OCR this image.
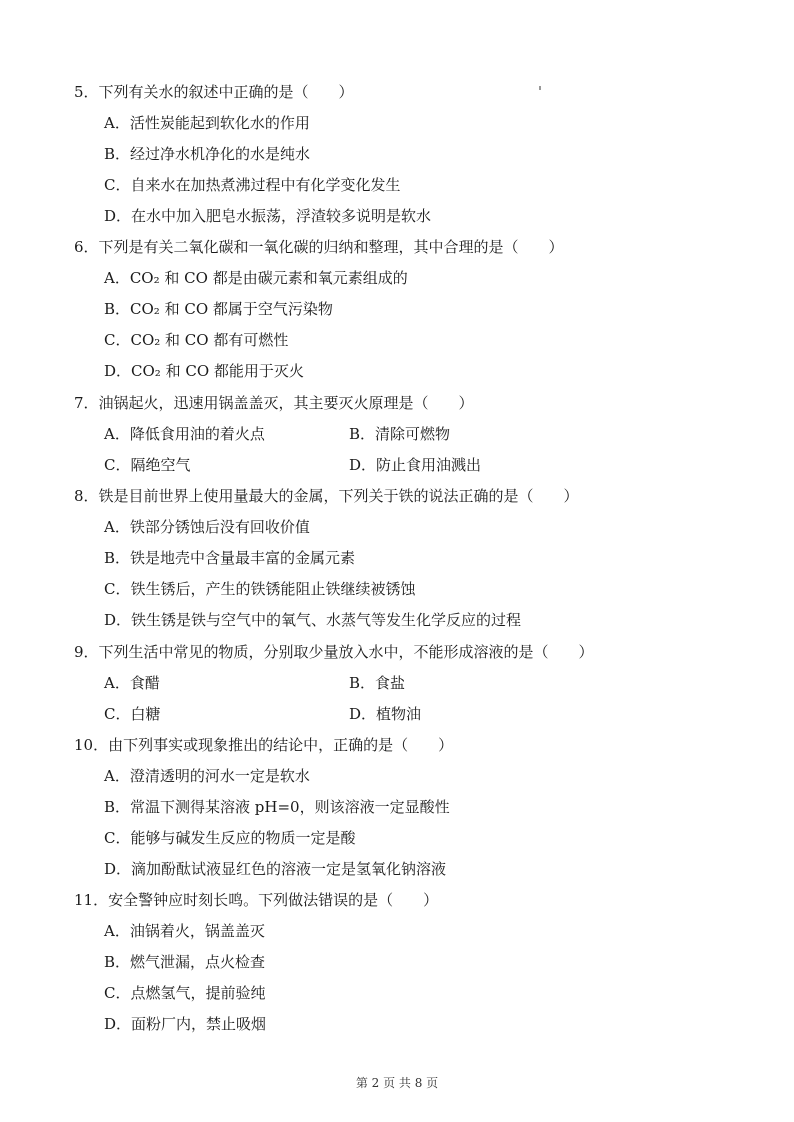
5．下列有关水的叙述中正确的是（　　）
A．活性炭能起到软化水的作用
B．经过净水机净化的水是纯水
C．自来水在加热煮沸过程中有化学变化发生
D．在水中加入肥皂水振荡，浮渣较多说明是软水
6．下列是有关二氧化碳和一氧化碳的归纳和整理，其中合理的是（　　）
A．CO₂ 和 CO 都是由碳元素和氧元素组成的
B．CO₂ 和 CO 都属于空气污染物
C．CO₂ 和 CO 都有可燃性
D．CO₂ 和 CO 都能用于灭火
7．油锅起火，迅速用锅盖盖灭，其主要灭火原理是（　　）
A．降低食用油的着火点	B．清除可燃物
C．隔绝空气	D．防止食用油溅出
8．铁是目前世界上使用量最大的金属，下列关于铁的说法正确的是（　　）
A．铁部分锈蚀后没有回收价值
B．铁是地壳中含量最丰富的金属元素
C．铁生锈后，产生的铁锈能阻止铁继续被锈蚀
D．铁生锈是铁与空气中的氧气、水蒸气等发生化学反应的过程
9．下列生活中常见的物质，分别取少量放入水中，不能形成溶液的是（　　）
A．食醋	B．食盐
C．白糖	D．植物油
10．由下列事实或现象推出的结论中，正确的是（　　）
A．澄清透明的河水一定是软水
B．常温下测得某溶液 pH=0，则该溶液一定显酸性
C．能够与碱发生反应的物质一定是酸
D．滴加酚酞试液显红色的溶液一定是氢氧化钠溶液
11．安全警钟应时刻长鸣。下列做法错误的是（　　）
A．油锅着火，锅盖盖灭
B．燃气泄漏，点火检查
C．点燃氢气，提前验纯
D．面粉厂内，禁止吸烟
第 2 页 共 8 页
